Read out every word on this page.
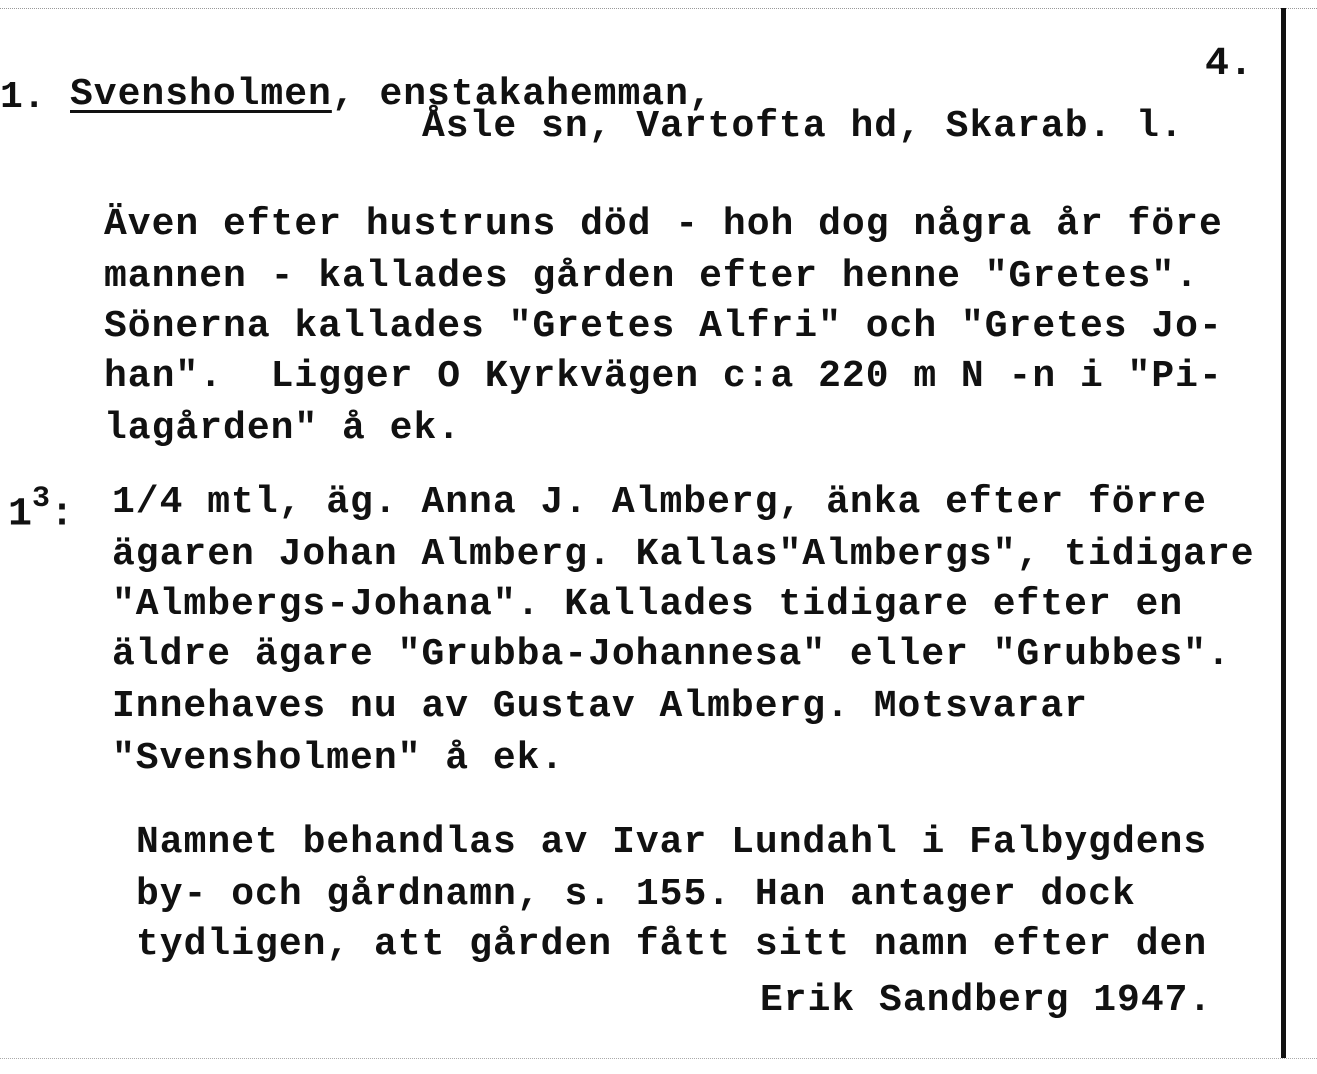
4.
1. Svensholmen, enstakahemman,
Åsle sn, Vartofta hd, Skarab. l.
Även efter hustruns död - hoh dog några år före
mannen - kallades gården efter henne "Gretes".
Sönerna kallades "Gretes Alfri" och "Gretes Jo-
han".  Ligger O Kyrkvägen c:a 220 m N -n i "Pi-
lagården" å ek.
$1^3$: 1/4 mtl, äg. Anna J. Almberg, änka efter förre
ägaren Johan Almberg. Kallas"Almbergs", tidigare
"Almbergs-Johana". Kallades tidigare efter en
äldre ägare "Grubba-Johannesa" eller "Grubbes".
Innehaves nu av Gustav Almberg. Motsvarar
"Svensholmen" å ek.
Namnet behandlas av Ivar Lundahl i Falbygdens
by- och gårdnamn, s. 155. Han antager dock
tydligen, att gården fått sitt namn efter den
Erik Sandberg 1947.
